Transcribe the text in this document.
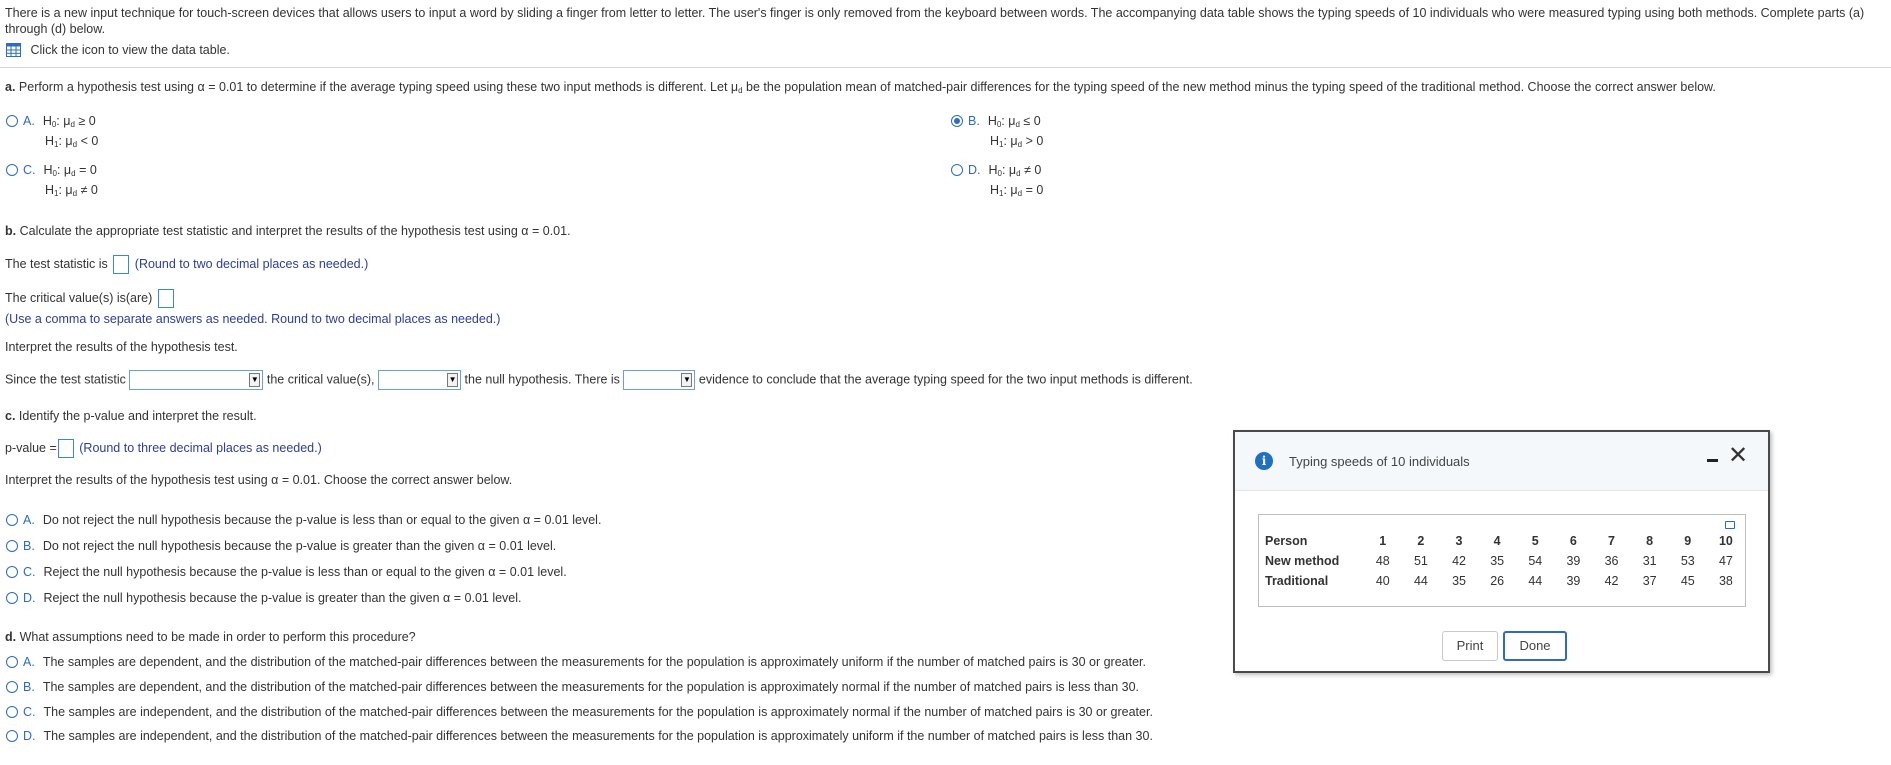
There is a new input technique for touch-screen devices that allows users to input a word by sliding a finger from letter to letter. The user's finger is only removed from the keyboard between words. The accompanying data table shows the typing speeds of 10 individuals who were measured typing using both methods. Complete parts (a) through (d) below.
Click the icon to view the data table.
a. Perform a hypothesis test using α = 0.01 to determine if the average typing speed using these two input methods is different. Let $\mu_d$ be the population mean of matched-pair differences for the typing speed of the new method minus the typing speed of the traditional method. Choose the correct answer below.
A. $H_0$: $\mu_d \ge 0$
$H_1$: $\mu_d < 0$
B. $H_0$: $\mu_d \le 0$
$H_1$: $\mu_d > 0$
C. $H_0$: $\mu_d = 0$
$H_1$: $\mu_d \ne 0$
D. $H_0$: $\mu_d \ne 0$
$H_1$: $\mu_d = 0$
b. Calculate the appropriate test statistic and interpret the results of the hypothesis test using α = 0.01.
The test statistic is (Round to two decimal places as needed.)
The critical value(s) is(are)
(Use a comma to separate answers as needed. Round to two decimal places as needed.)
Interpret the results of the hypothesis test.
Since the test statistic	▼ the critical value(s),	▼ the null hypothesis. There is	▼ evidence to conclude that the average typing speed for the two input methods is different.
c. Identify the p-value and interpret the result.
p-value = (Round to three decimal places as needed.)
Interpret the results of the hypothesis test using α = 0.01. Choose the correct answer below.
A. Do not reject the null hypothesis because the p-value is less than or equal to the given α = 0.01 level.
B. Do not reject the null hypothesis because the p-value is greater than the given α = 0.01 level.
C. Reject the null hypothesis because the p-value is less than or equal to the given α = 0.01 level.
D. Reject the null hypothesis because the p-value is greater than the given α = 0.01 level.
d. What assumptions need to be made in order to perform this procedure?
A. The samples are dependent, and the distribution of the matched-pair differences between the measurements for the population is approximately uniform if the number of matched pairs is 30 or greater.
B. The samples are dependent, and the distribution of the matched-pair differences between the measurements for the population is approximately normal if the number of matched pairs is less than 30.
C. The samples are independent, and the distribution of the matched-pair differences between the measurements for the population is approximately normal if the number of matched pairs is 30 or greater.
D. The samples are independent, and the distribution of the matched-pair differences between the measurements for the population is approximately uniform if the number of matched pairs is less than 30.
i	Typing speeds of 10 individuals	✕
Person	1	2	3	4	5	6	7	8	9	10
New method	48	51	42	35	54	39	36	31	53	47
Traditional	40	44	35	26	44	39	42	37	45	38
Print	Done
